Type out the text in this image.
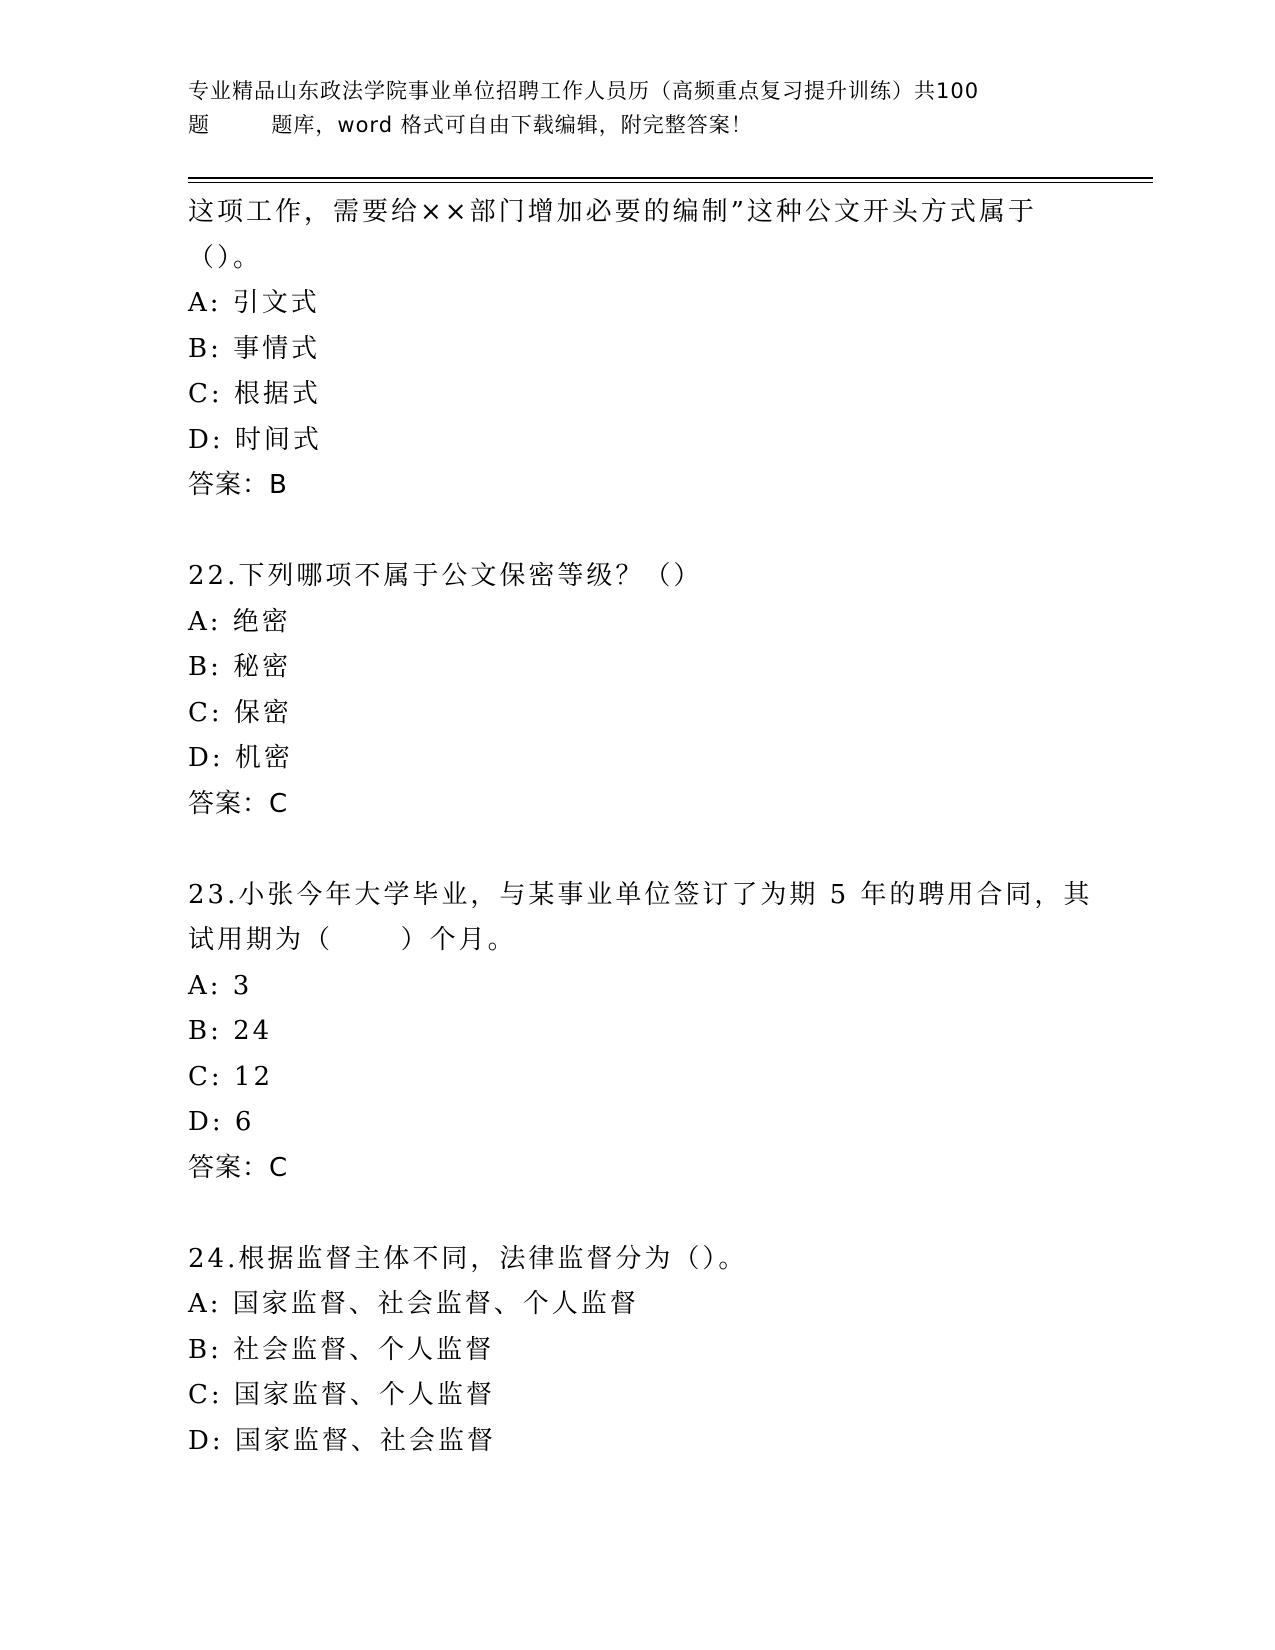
专业精品山东政法学院事业单位招聘工作人员历（高频重点复习提升训练）共100
题        题库，word 格式可自由下载编辑，附完整答案！
这项工作，需要给××部门增加必要的编制”这种公文开头方式属于
（）。
A: 引文式
B: 事情式
C: 根据式
D: 时间式
答案：B
22.下列哪项不属于公文保密等级？（）
A: 绝密
B: 秘密
C: 保密
D: 机密
答案：C
23.小张今年大学毕业，与某事业单位签订了为期 5 年的聘用合同，其
试用期为（      ）个月。
A: 3
B: 24
C: 12
D: 6
答案：C
24.根据监督主体不同，法律监督分为（）。
A: 国家监督、社会监督、个人监督
B: 社会监督、个人监督
C: 国家监督、个人监督
D: 国家监督、社会监督
